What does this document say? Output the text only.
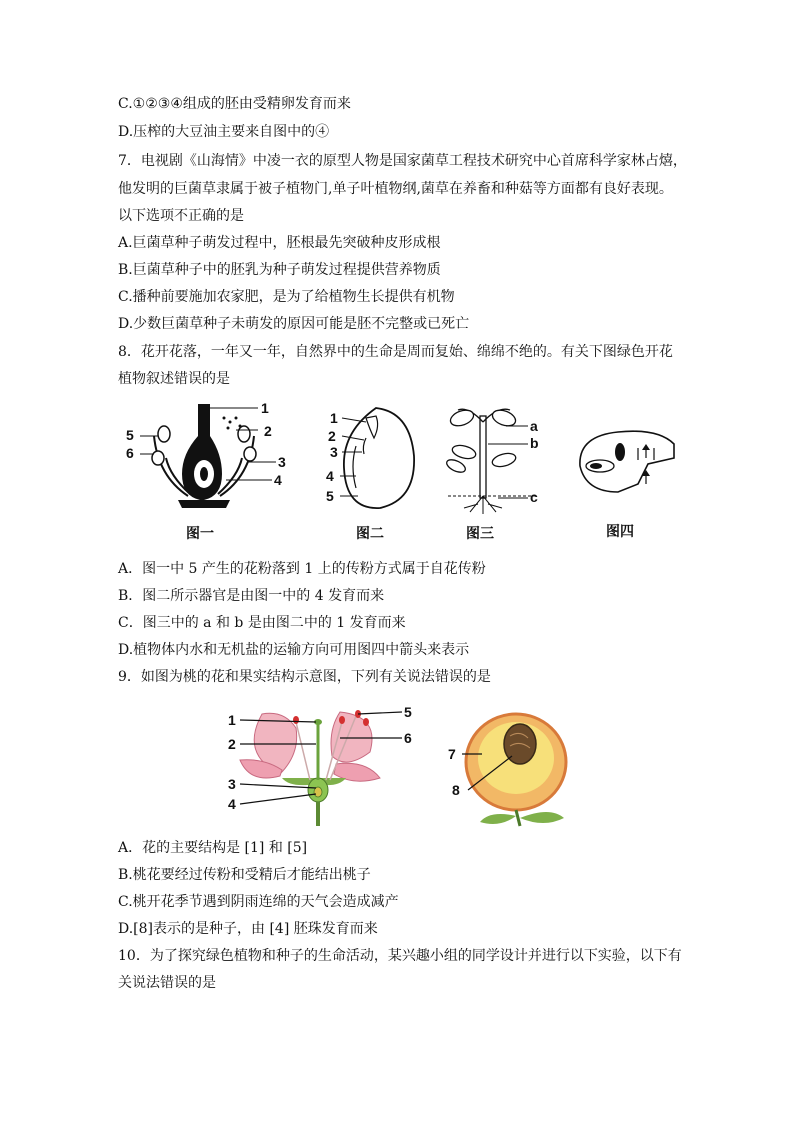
C.①②③④组成的胚由受精卵发育而来
D.压榨的大豆油主要来自图中的④
7．电视剧《山海情》中凌一衣的原型人物是国家菌草工程技术研究中心首席科学家林占熺，
他发明的巨菌草隶属于被子植物门,单子叶植物纲,菌草在养畜和种菇等方面都有良好表现。
以下选项不正确的是
A.巨菌草种子萌发过程中，胚根最先突破种皮形成根
B.巨菌草种子中的胚乳为种子萌发过程提供营养物质
C.播种前要施加农家肥，是为了给植物生长提供有机物
D.少数巨菌草种子未萌发的原因可能是胚不完整或已死亡
8．花开花落，一年又一年，自然界中的生命是周而复始、绵绵不绝的。有关下图绿色开花
植物叙述错误的是
1
2
3
4
5
6
图一
1
2
3
4
5
图二
a
b
c
图三	图四
A．图一中 5 产生的花粉落到 1 上的传粉方式属于自花传粉
B．图二所示器官是由图一中的 4 发育而来
C．图三中的 a 和 b 是由图二中的 1 发育而来
D.植物体内水和无机盐的运输方向可用图四中箭头来表示
9．如图为桃的花和果实结构示意图，下列有关说法错误的是
1
2
3
4
5
6
7
8
A．花的主要结构是 [1] 和 [5]
B.桃花要经过传粉和受精后才能结出桃子
C.桃开花季节遇到阴雨连绵的天气会造成减产
D.[8]表示的是种子，由 [4] 胚珠发育而来
10．为了探究绿色植物和种子的生命活动，某兴趣小组的同学设计并进行以下实验，以下有
关说法错误的是
